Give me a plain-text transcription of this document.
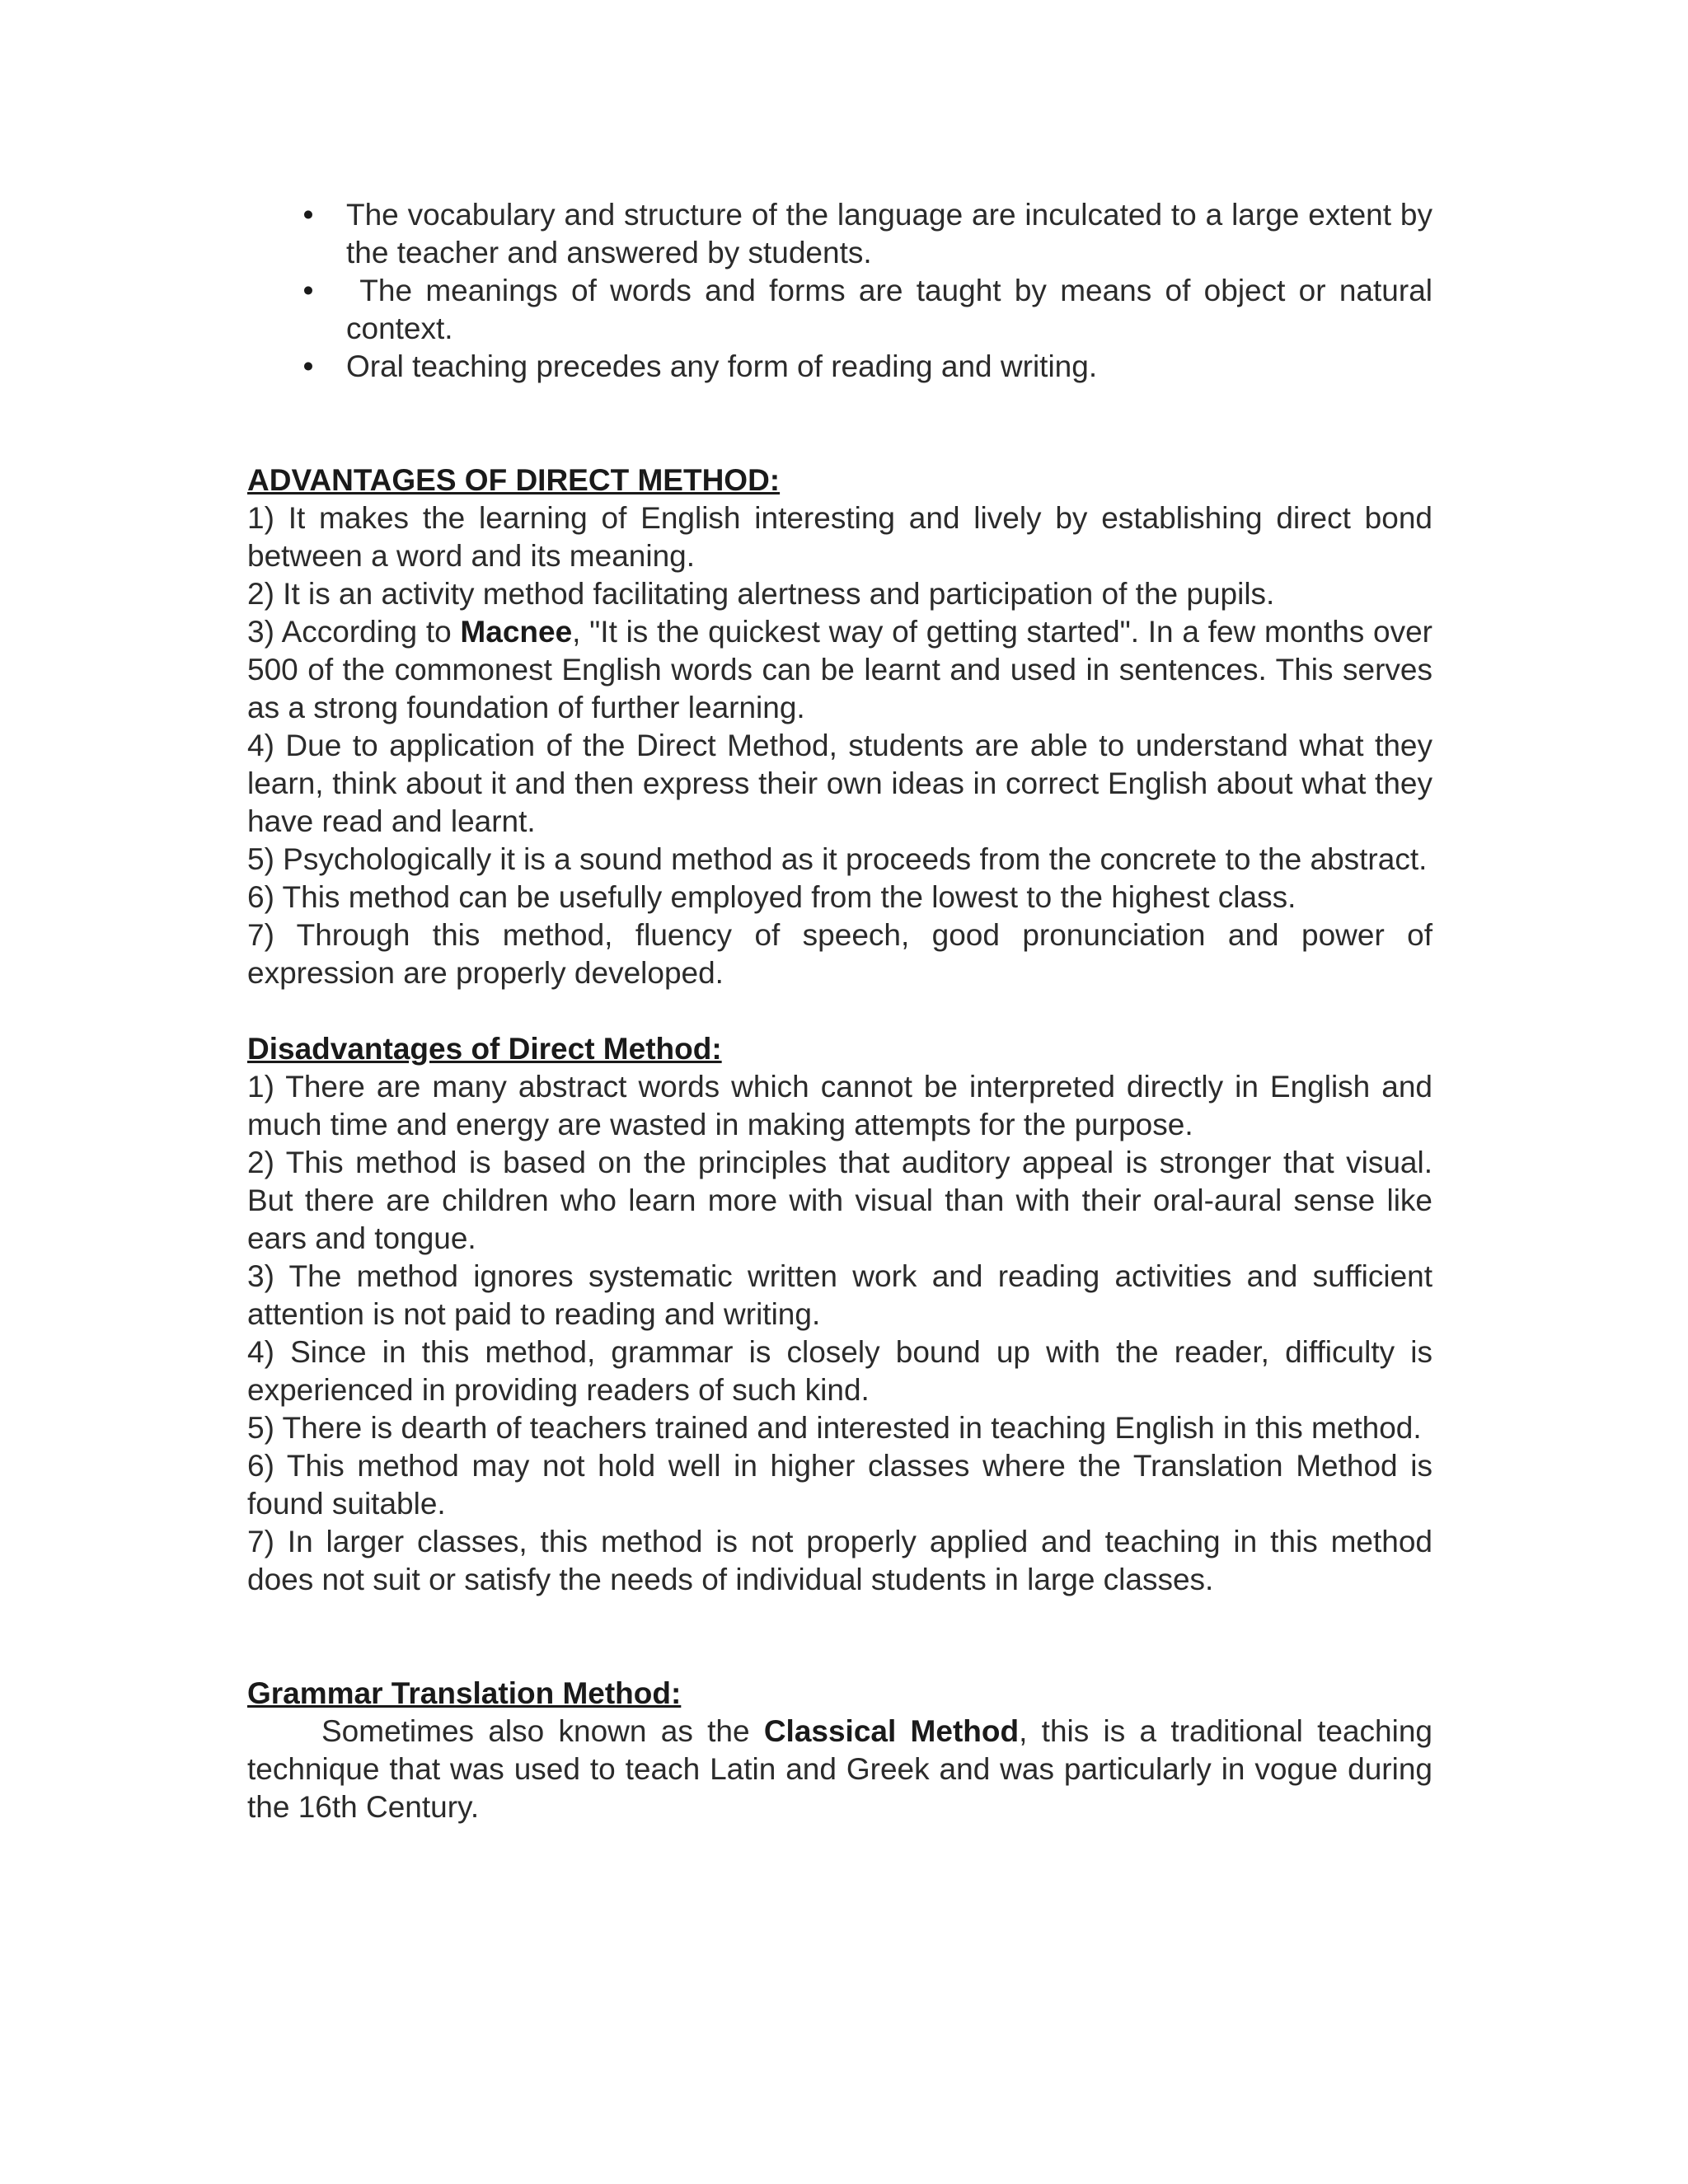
• The vocabulary and structure of the language are inculcated to a large extent by the teacher and answered by students.
• The meanings of words and forms are taught by means of object or natural context.
• Oral teaching precedes any form of reading and writing.

ADVANTAGES OF DIRECT METHOD:

1) It makes the learning of English interesting and lively by establishing direct bond between a word and its meaning.

2) It is an activity method facilitating alertness and participation of the pupils.

3) According to Macnee, "It is the quickest way of getting started". In a few months over 500 of the commonest English words can be learnt and used in sentences. This serves as a strong foundation of further learning.

4) Due to application of the Direct Method, students are able to understand what they learn, think about it and then express their own ideas in correct English about what they have read and learnt.

5) Psychologically it is a sound method as it proceeds from the concrete to the abstract.

6) This method can be usefully employed from the lowest to the highest class.

7) Through this method, fluency of speech, good pronunciation and power of expression are properly developed.

Disadvantages of Direct Method:

1) There are many abstract words which cannot be interpreted directly in English and much time and energy are wasted in making attempts for the purpose.

2) This method is based on the principles that auditory appeal is stronger that visual. But there are children who learn more with visual than with their oral-aural sense like ears and tongue.

3) The method ignores systematic written work and reading activities and sufficient attention is not paid to reading and writing.

4) Since in this method, grammar is closely bound up with the reader, difficulty is experienced in providing readers of such kind.

5) There is dearth of teachers trained and interested in teaching English in this method.

6) This method may not hold well in higher classes where the Translation Method is found suitable.

7) In larger classes, this method is not properly applied and teaching in this method does not suit or satisfy the needs of individual students in large classes.

Grammar Translation Method:

Sometimes also known as the Classical Method, this is a traditional teaching technique that was used to teach Latin and Greek and was particularly in vogue during the 16th Century.
